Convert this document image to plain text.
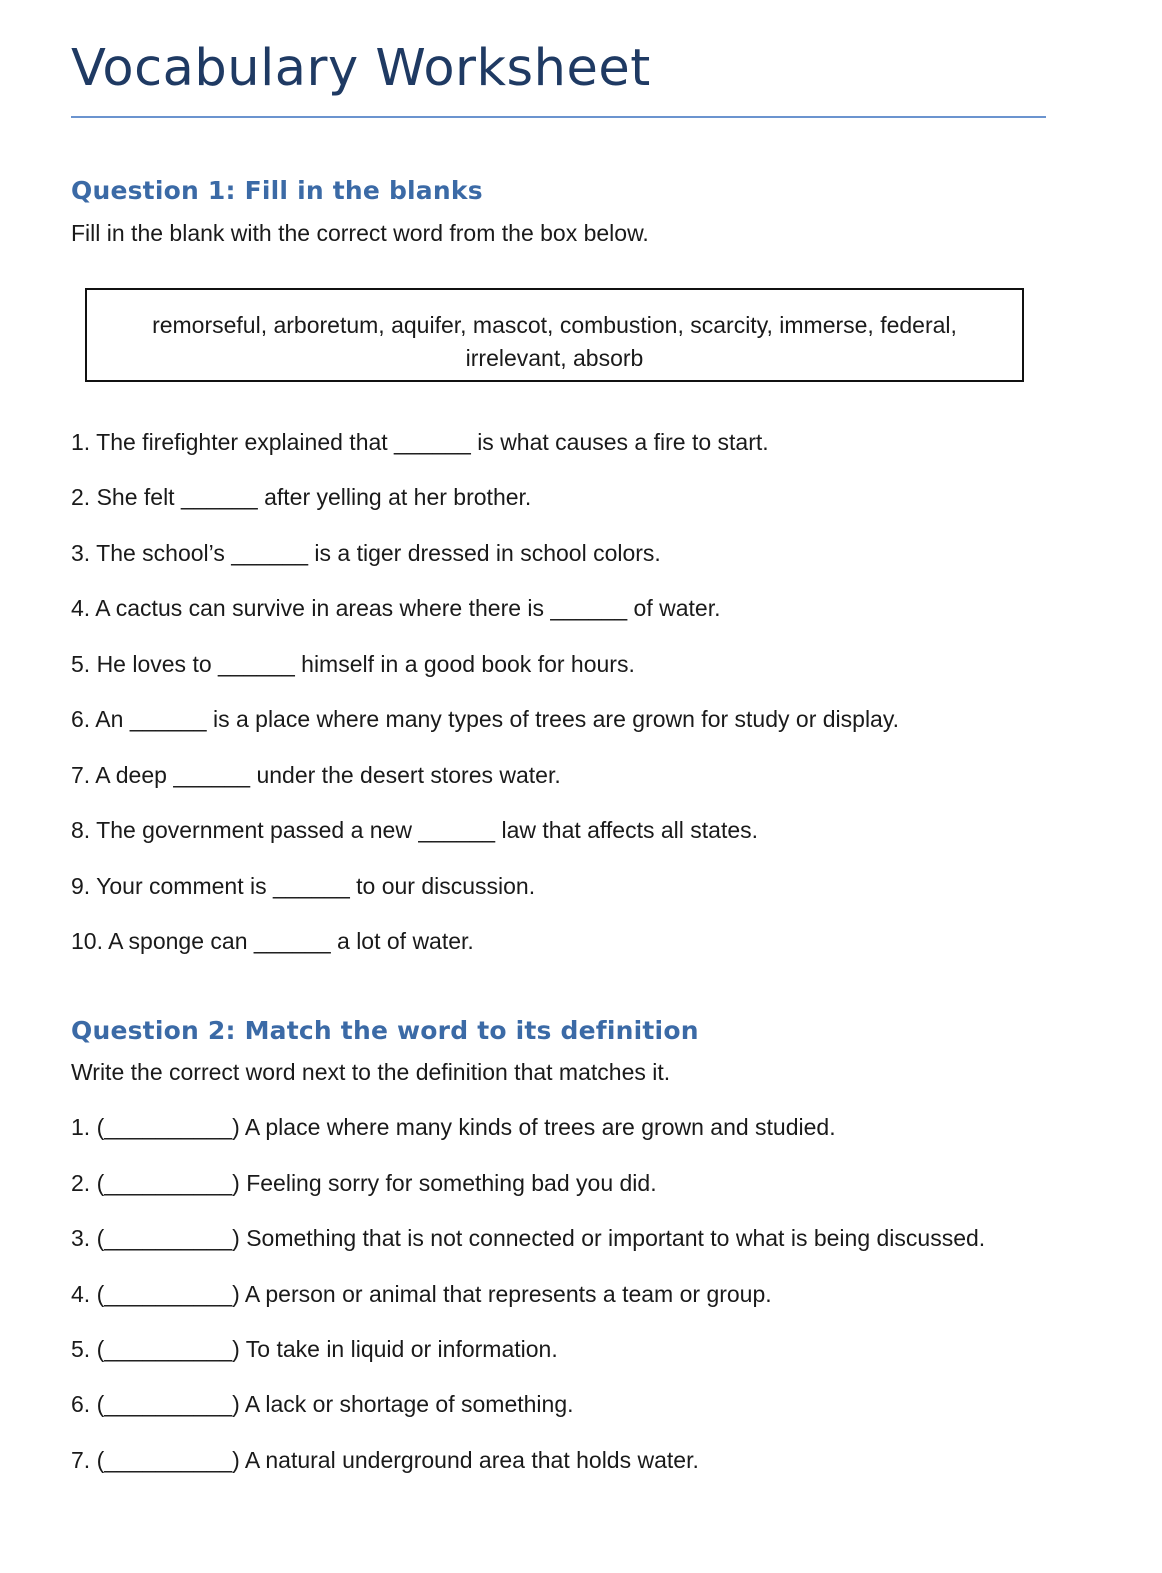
Vocabulary Worksheet
Question 1: Fill in the blanks

Fill in the blank with the correct word from the box below.

remorseful, arboretum, aquifer, mascot, combustion, scarcity, immerse, federal,
irrelevant, absorb

1. The firefighter explained that ______ is what causes a fire to start.

2. She felt ______ after yelling at her brother.

3. The school’s ______ is a tiger dressed in school colors.

4. A cactus can survive in areas where there is ______ of water.

5. He loves to ______ himself in a good book for hours.

6. An ______ is a place where many types of trees are grown for study or display.

7. A deep ______ under the desert stores water.

8. The government passed a new ______ law that affects all states.

9. Your comment is ______ to our discussion.

10. A sponge can ______ a lot of water.

Question 2: Match the word to its definition

Write the correct word next to the definition that matches it.

1. (__________) A place where many kinds of trees are grown and studied.

2. (__________) Feeling sorry for something bad you did.

3. (__________) Something that is not connected or important to what is being discussed.

4. (__________) A person or animal that represents a team or group.

5. (__________) To take in liquid or information.

6. (__________) A lack or shortage of something.

7. (__________) A natural underground area that holds water.
